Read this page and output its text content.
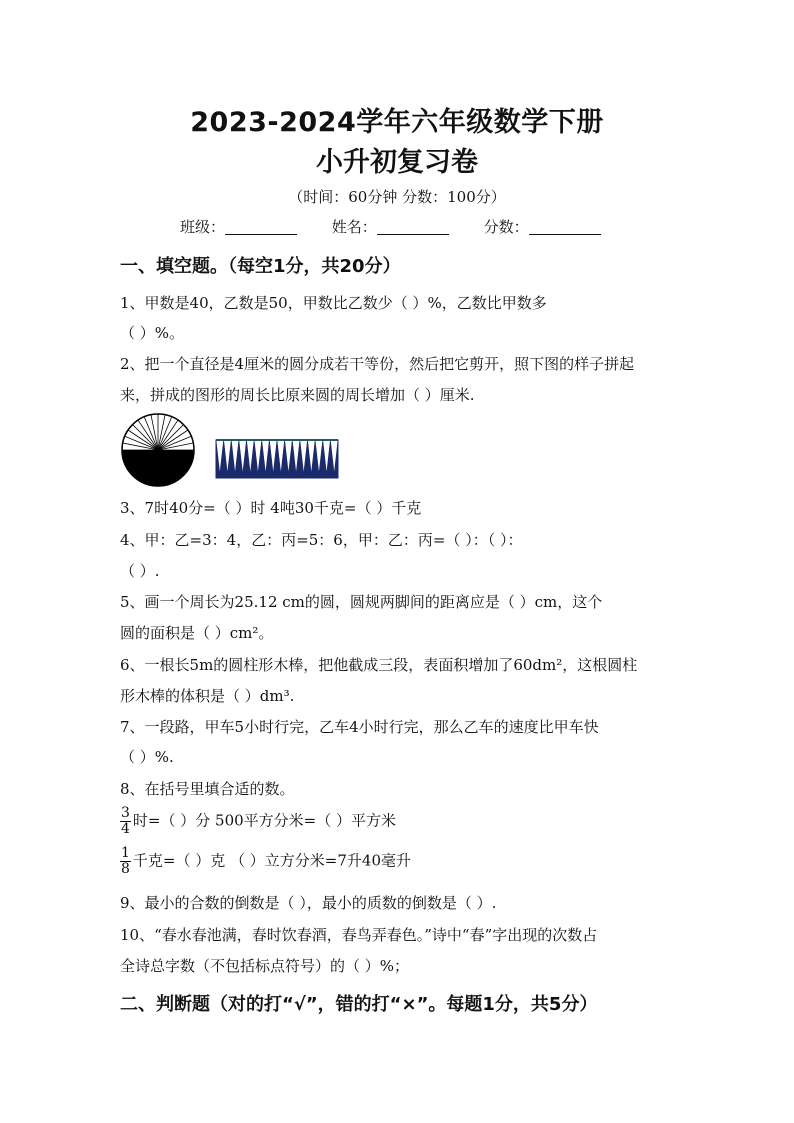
2023-2024学年六年级数学下册
小升初复习卷
（时间：60分钟 分数：100分）
班级：	姓名：	分数：
一、填空题。（每空1分，共20分）
1、甲数是40，乙数是50，甲数比乙数少（ ）%，乙数比甲数多
（ ）%。
2、把一个直径是4厘米的圆分成若干等份，然后把它剪开，照下图的样子拼起
来，拼成的图形的周长比原来圆的周长增加（ ）厘米.
3、7时40分=（ ）时 4吨30千克=（ ）千克
4、甲：乙=3：4，乙：丙=5：6，甲：乙：丙=（ ）：（ ）：
（ ）.
5、画一个周长为25.12 cm的圆，圆规两脚间的距离应是（ ）cm，这个
圆的面积是（ ）cm²。
6、一根长5m的圆柱形木棒，把他截成三段，表面积增加了60dm²，这根圆柱
形木棒的体积是（ ）dm³.
7、一段路，甲车5小时行完，乙车4小时行完，那么乙车的速度比甲车快
（ ）%.
8、在括号里填合适的数。
$\frac{3}{4}$ 时=（ ）分 500平方分米=（ ）平方米
$\frac{1}{8}$ 千克=（ ）克 （ ）立方分米=7升40毫升
9、最小的合数的倒数是（ ），最小的质数的倒数是（ ）.
10、“春水春池满，春时饮春酒，春鸟弄春色。”诗中“春”字出现的次数占
全诗总字数（不包括标点符号）的（ ）%；
二、判断题（对的打“√”，错的打“×”。每题1分，共5分）
